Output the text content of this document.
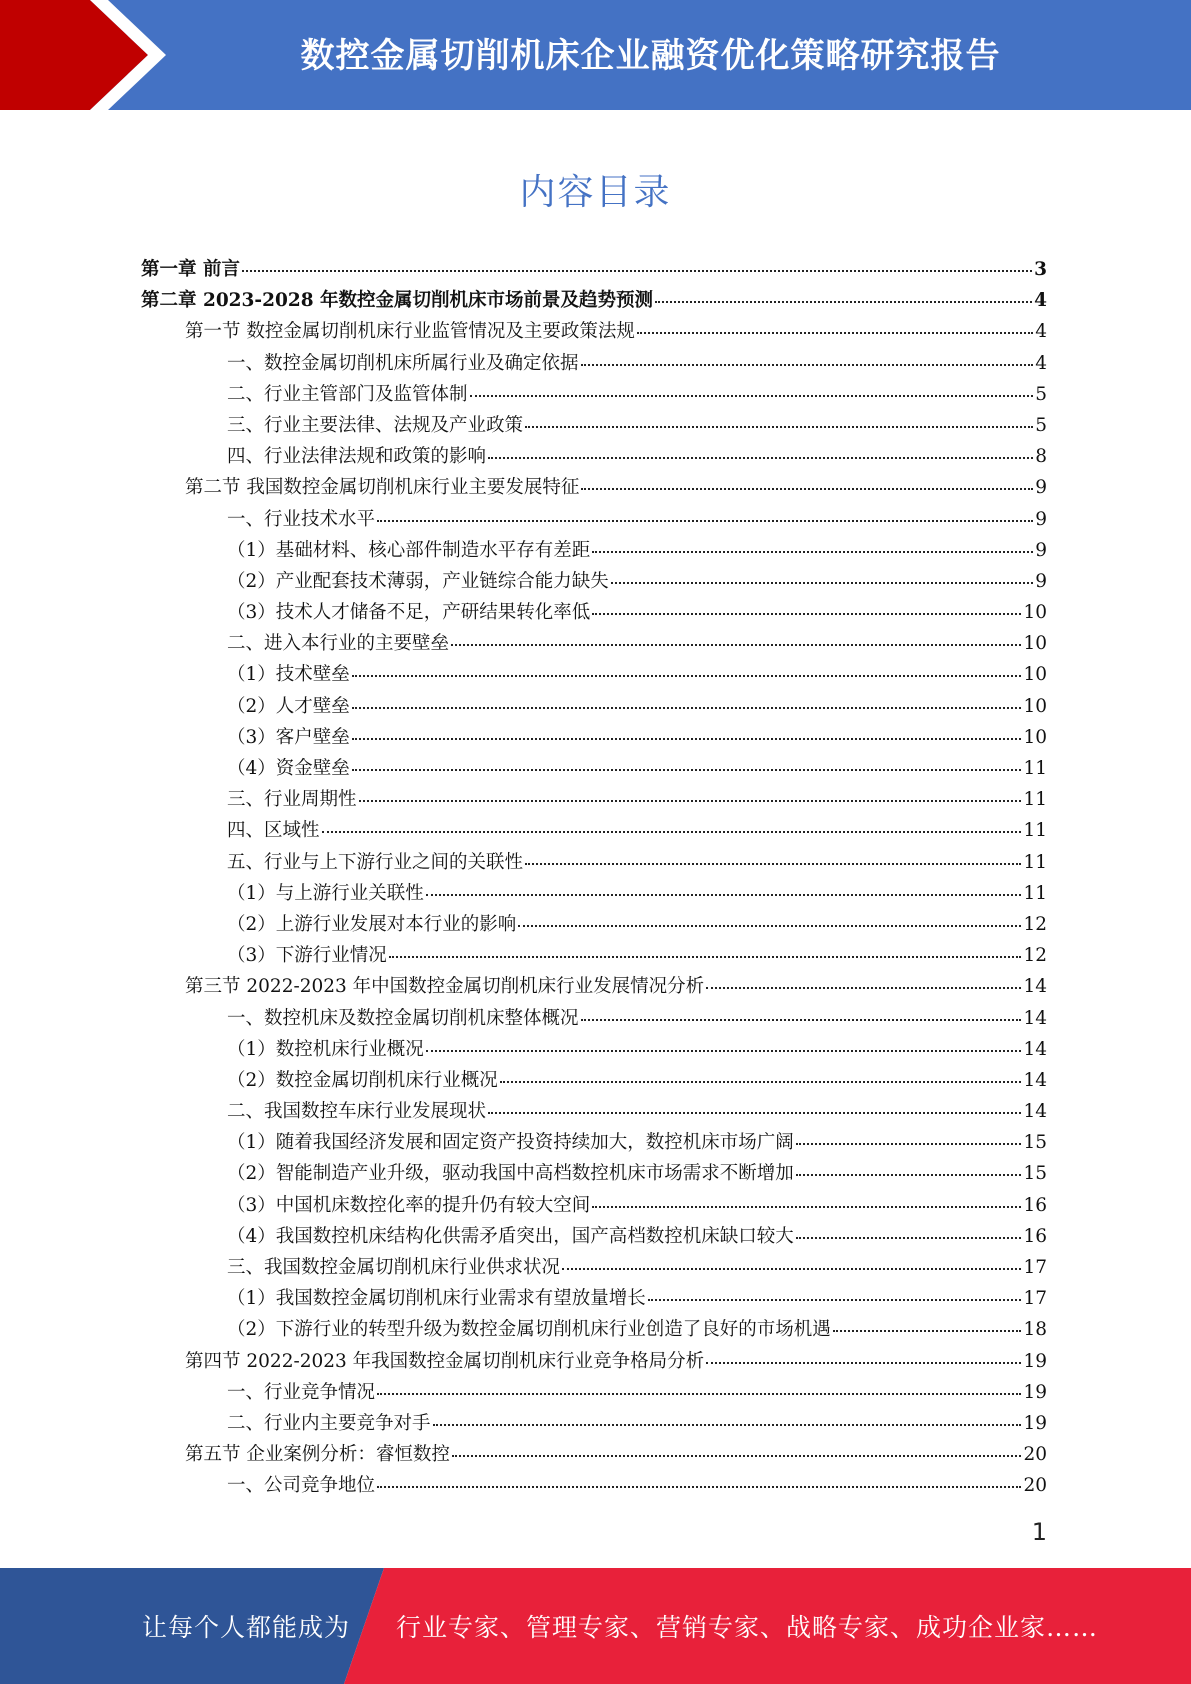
数控金属切削机床企业融资优化策略研究报告
内容目录
第一章 前言	3
第二章 2023-2028 年数控金属切削机床市场前景及趋势预测	4
第一节 数控金属切削机床行业监管情况及主要政策法规	4
一、数控金属切削机床所属行业及确定依据	4
二、行业主管部门及监管体制	5
三、行业主要法律、法规及产业政策	5
四、行业法律法规和政策的影响	8
第二节 我国数控金属切削机床行业主要发展特征	9
一、行业技术水平	9
（1）基础材料、核心部件制造水平存有差距	9
（2）产业配套技术薄弱，产业链综合能力缺失	9
（3）技术人才储备不足，产研结果转化率低	10
二、进入本行业的主要壁垒	10
（1）技术壁垒	10
（2）人才壁垒	10
（3）客户壁垒	10
（4）资金壁垒	11
三、行业周期性	11
四、区域性	11
五、行业与上下游行业之间的关联性	11
（1）与上游行业关联性	11
（2）上游行业发展对本行业的影响	12
（3）下游行业情况	12
第三节 2022-2023 年中国数控金属切削机床行业发展情况分析	14
一、数控机床及数控金属切削机床整体概况	14
（1）数控机床行业概况	14
（2）数控金属切削机床行业概况	14
二、我国数控车床行业发展现状	14
（1）随着我国经济发展和固定资产投资持续加大，数控机床市场广阔	15
（2）智能制造产业升级，驱动我国中高档数控机床市场需求不断增加	15
（3）中国机床数控化率的提升仍有较大空间	16
（4）我国数控机床结构化供需矛盾突出，国产高档数控机床缺口较大	16
三、我国数控金属切削机床行业供求状况	17
（1）我国数控金属切削机床行业需求有望放量增长	17
（2）下游行业的转型升级为数控金属切削机床行业创造了良好的市场机遇	18
第四节 2022-2023 年我国数控金属切削机床行业竞争格局分析	19
一、行业竞争情况	19
二、行业内主要竞争对手	19
第五节 企业案例分析：睿恒数控	20
一、公司竞争地位	20
1
让每个人都能成为 行业专家、管理专家、营销专家、战略专家、成功企业家……
